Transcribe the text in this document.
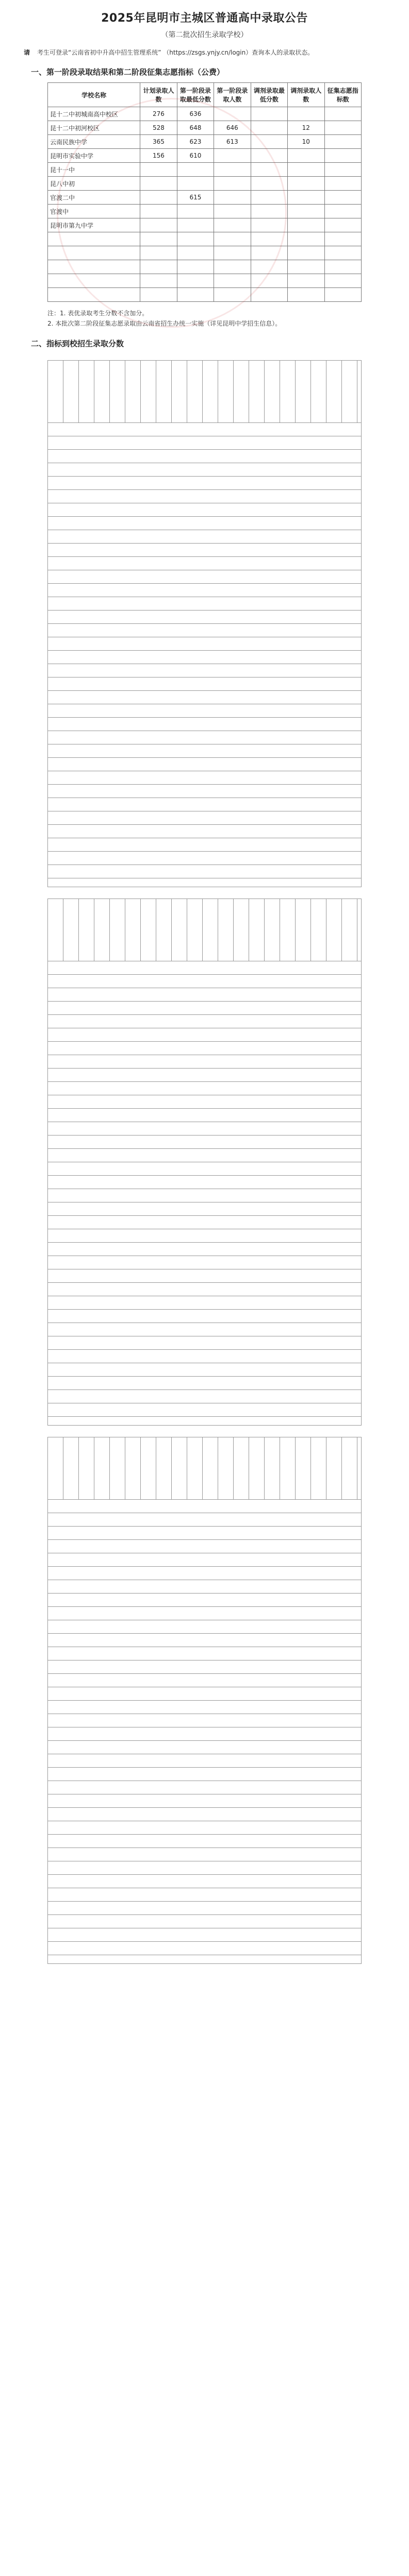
2025年昆明市主城区普通高中录取公告
（第二批次招生录取学校）
请 考生可登录“云南省初中升高中招生管理系统” （https://zsgs.ynjy.cn/login）查询本人的录取状态。
一、第一阶段录取结果和第二阶段征集志愿指标（公费）
学校名称	计划录取人数	第一阶段录取最低分数	第一阶段录取人数	调剂录取最低分数	调剂录取人数	征集志愿指标数
昆十二中初城南高中校区	276	636				
昆十二中初河校区	528	648	646		12	
云南民族中学	365	623	613		10	
昆明市实验中学	156	610				
昆十一中						
昆八中初						
官渡二中		615				
官渡中						
昆明市第九中学						

注：1. 表优录取考生分数不含加分。
2. 本批次第二阶段征集志愿录取由云南省招生办统一实施（详见昆明中学招生信息）。
二、指标到校招生录取分数
